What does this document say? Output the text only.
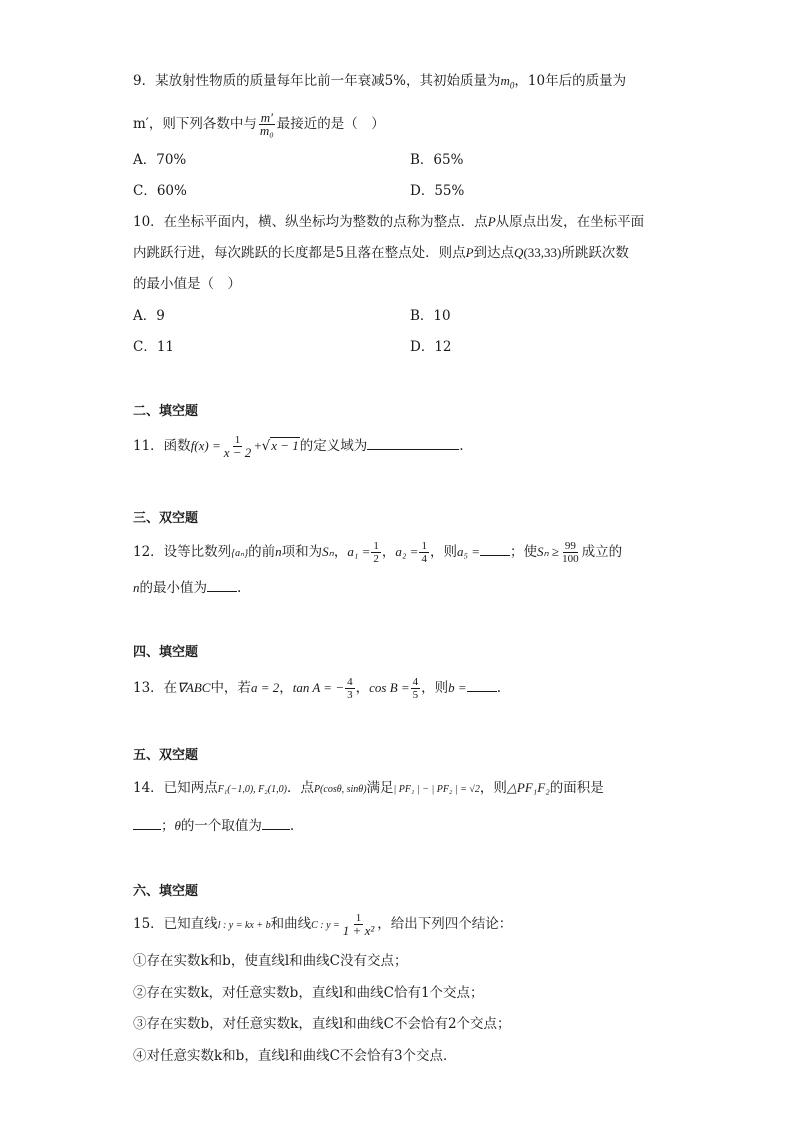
9．某放射性物质的质量每年比前一年衰减5%，其初始质量为$m_0$，10年后的质量为
m′，则下列各数中与 $\frac{m'}{\text{m₀}}$ 最接近的是（　）
A．70%	B．65%
C．60%	D．55%
10．在坐标平面内，横、纵坐标均为整数的点称为整点．点P从原点出发，在坐标平面
内跳跃行进，每次跳跃的长度都是5且落在整点处．则点P到达点Q(33,33)所跳跃次数
的最小值是（　）
A．9	B．10
C．11	D．12
二、填空题
11．函数$f(x) = \frac{1}{x - 2} +√x - 1$的定义域为	.
三、双空题
12．设等比数列{aₙ}的前n项和为Sₙ，$a_1 = \frac{1}{2}$ ，$a_2 = \frac{1}{4}$ ，则a₅ = ；使$S_n \ge \frac{99}{100}$ 成立的
n的最小值为 .
四、填空题
13．在∇ABC中，若a = 2，tan A = − $\frac{4}{3}$ ，$\cos B = \frac{4}{5}$ ，则b = .
五、双空题
14．已知两点F₁(−1,0), F₂(1,0)．点P(cosθ, sinθ)满足| PF₁ | − | PF₂ | = √2，则△PF₁F₂的面积是
；θ的一个取值为 .
六、填空题
15．已知直线l : y = kx + b和曲线C : $y = \frac{1}{\text{1 + x²}}$ ，给出下列四个结论：
①存在实数k和b，使直线l和曲线C没有交点；
②存在实数k，对任意实数b，直线l和曲线C恰有1个交点；
③存在实数b，对任意实数k，直线l和曲线C不会恰有2个交点；
④对任意实数k和b，直线l和曲线C不会恰有3个交点．
